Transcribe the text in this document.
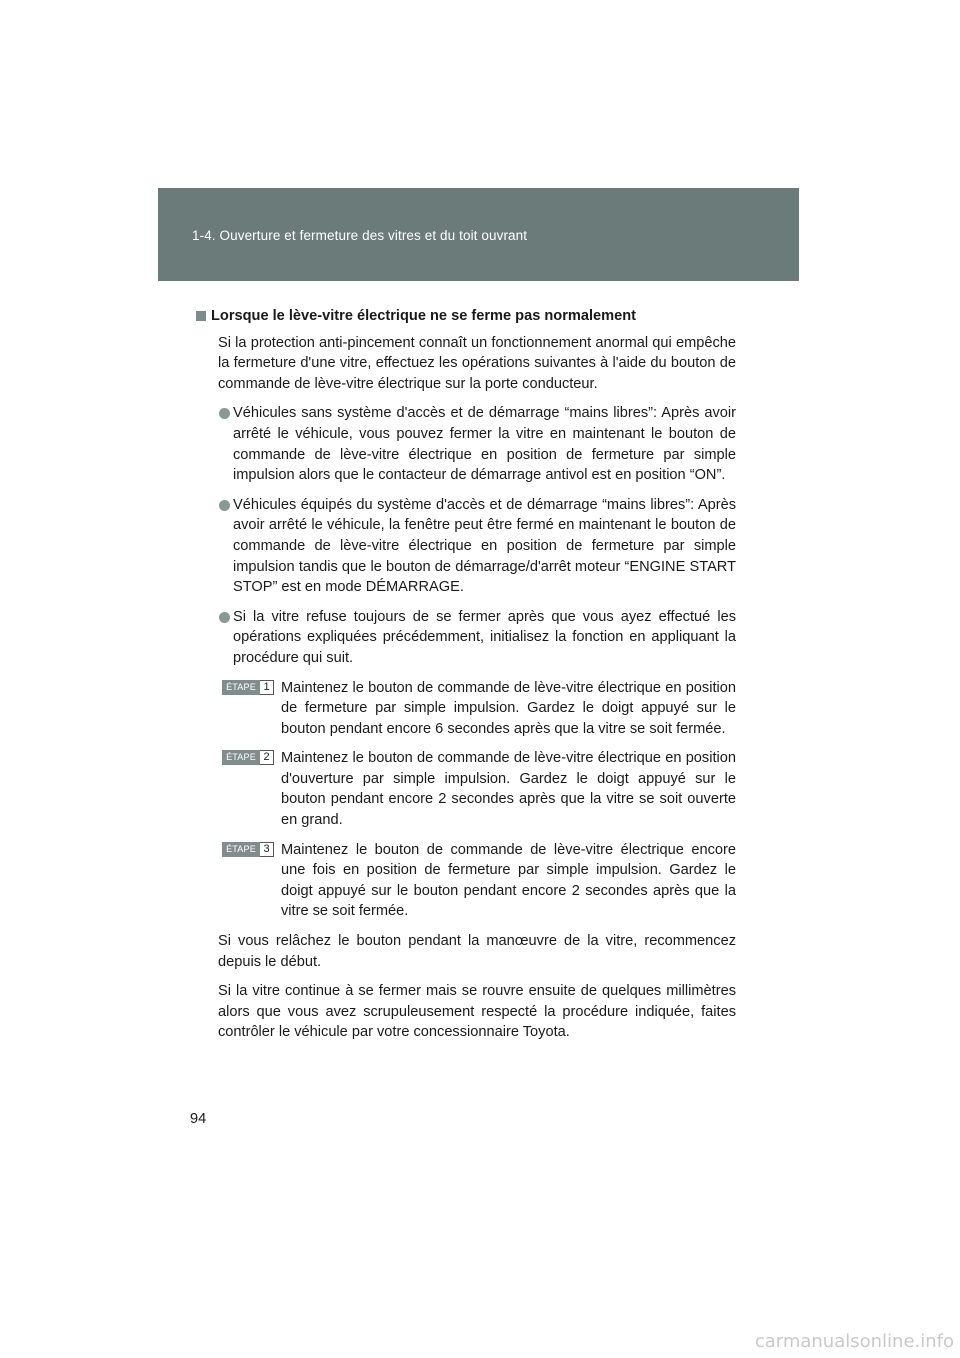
1-4. Ouverture et fermeture des vitres et du toit ouvrant
Lorsque le lève-vitre électrique ne se ferme pas normalement

Si la protection anti-pincement connaît un fonctionnement anormal qui empêche la fermeture d'une vitre, effectuez les opérations suivantes à l'aide du bouton de commande de lève-vitre électrique sur la porte conducteur.

Véhicules sans système d'accès et de démarrage “mains libres”: Après avoir arrêté le véhicule, vous pouvez fermer la vitre en maintenant le bouton de commande de lève-vitre électrique en position de fermeture par simple impulsion alors que le contacteur de démarrage antivol est en position “ON”.
Véhicules équipés du système d'accès et de démarrage “mains libres”: Après avoir arrêté le véhicule, la fenêtre peut être fermé en maintenant le bouton de commande de lève-vitre électrique en position de fermeture par simple impulsion tandis que le bouton de démarrage/d'arrêt moteur “ENGINE START STOP” est en mode DÉMARRAGE.
Si la vitre refuse toujours de se fermer après que vous ayez effectué les opérations expliquées précédemment, initialisez la fonction en appliquant la procédure qui suit.
ÉTAPE 1 Maintenez le bouton de commande de lève-vitre électrique en position de fermeture par simple impulsion. Gardez le doigt appuyé sur le bouton pendant encore 6 secondes après que la vitre se soit fermée.
ÉTAPE 2 Maintenez le bouton de commande de lève-vitre électrique en position d'ouverture par simple impulsion. Gardez le doigt appuyé sur le bouton pendant encore 2 secondes après que la vitre se soit ouverte en grand.
ÉTAPE 3 Maintenez le bouton de commande de lève-vitre électrique encore une fois en position de fermeture par simple impulsion. Gardez le doigt appuyé sur le bouton pendant encore 2 secondes après que la vitre se soit fermée.

Si vous relâchez le bouton pendant la manœuvre de la vitre, recommencez depuis le début.

Si la vitre continue à se fermer mais se rouvre ensuite de quelques millimètres alors que vous avez scrupuleusement respecté la procédure indiquée, faites contrôler le véhicule par votre concessionnaire Toyota.

94
carmanualsonline.info
